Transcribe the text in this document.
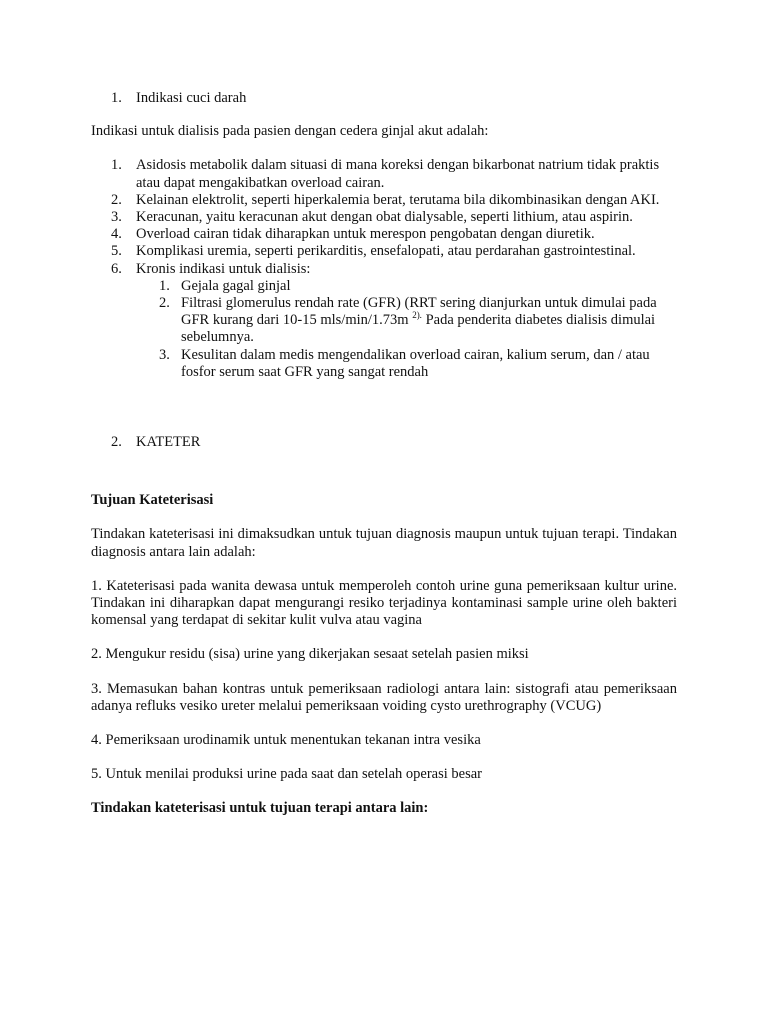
1. Indikasi cuci darah

Indikasi untuk dialisis pada pasien dengan cedera ginjal akut adalah:

1. Asidosis metabolik dalam situasi di mana koreksi dengan bikarbonat natrium tidak praktis atau dapat mengakibatkan overload cairan.
2. Kelainan elektrolit, seperti hiperkalemia berat, terutama bila dikombinasikan dengan AKI.
3. Keracunan, yaitu keracunan akut dengan obat dialysable, seperti lithium, atau aspirin.
4. Overload cairan tidak diharapkan untuk merespon pengobatan dengan diuretik.
5. Komplikasi uremia, seperti perikarditis, ensefalopati, atau perdarahan gastrointestinal.
6. Kronis indikasi untuk dialisis:
1. Gejala gagal ginjal
2. Filtrasi glomerulus rendah rate (GFR) (RRT sering dianjurkan untuk dimulai pada GFR kurang dari 10-15 mls/min/1.73m $^{2).}$ Pada penderita diabetes dialisis dimulai sebelumnya.
3. Kesulitan dalam medis mengendalikan overload cairan, kalium serum, dan / atau fosfor serum saat GFR yang sangat rendah

2. KATETER

Tujuan Kateterisasi

Tindakan kateterisasi ini dimaksudkan untuk tujuan diagnosis maupun untuk tujuan terapi. Tindakan diagnosis antara lain adalah:

1. Kateterisasi pada wanita dewasa untuk memperoleh contoh urine guna pemeriksaan kultur urine. Tindakan ini diharapkan dapat mengurangi resiko terjadinya kontaminasi sample urine oleh bakteri komensal yang terdapat di sekitar kulit vulva atau vagina

2. Mengukur residu (sisa) urine yang dikerjakan sesaat setelah pasien miksi

3. Memasukan bahan kontras untuk pemeriksaan radiologi antara lain: sistografi atau pemeriksaan adanya refluks vesiko ureter melalui pemeriksaan voiding cysto urethrography (VCUG)

4. Pemeriksaan urodinamik untuk menentukan tekanan intra vesika

5. Untuk menilai produksi urine pada saat dan setelah operasi besar

Tindakan kateterisasi untuk tujuan terapi antara lain:
